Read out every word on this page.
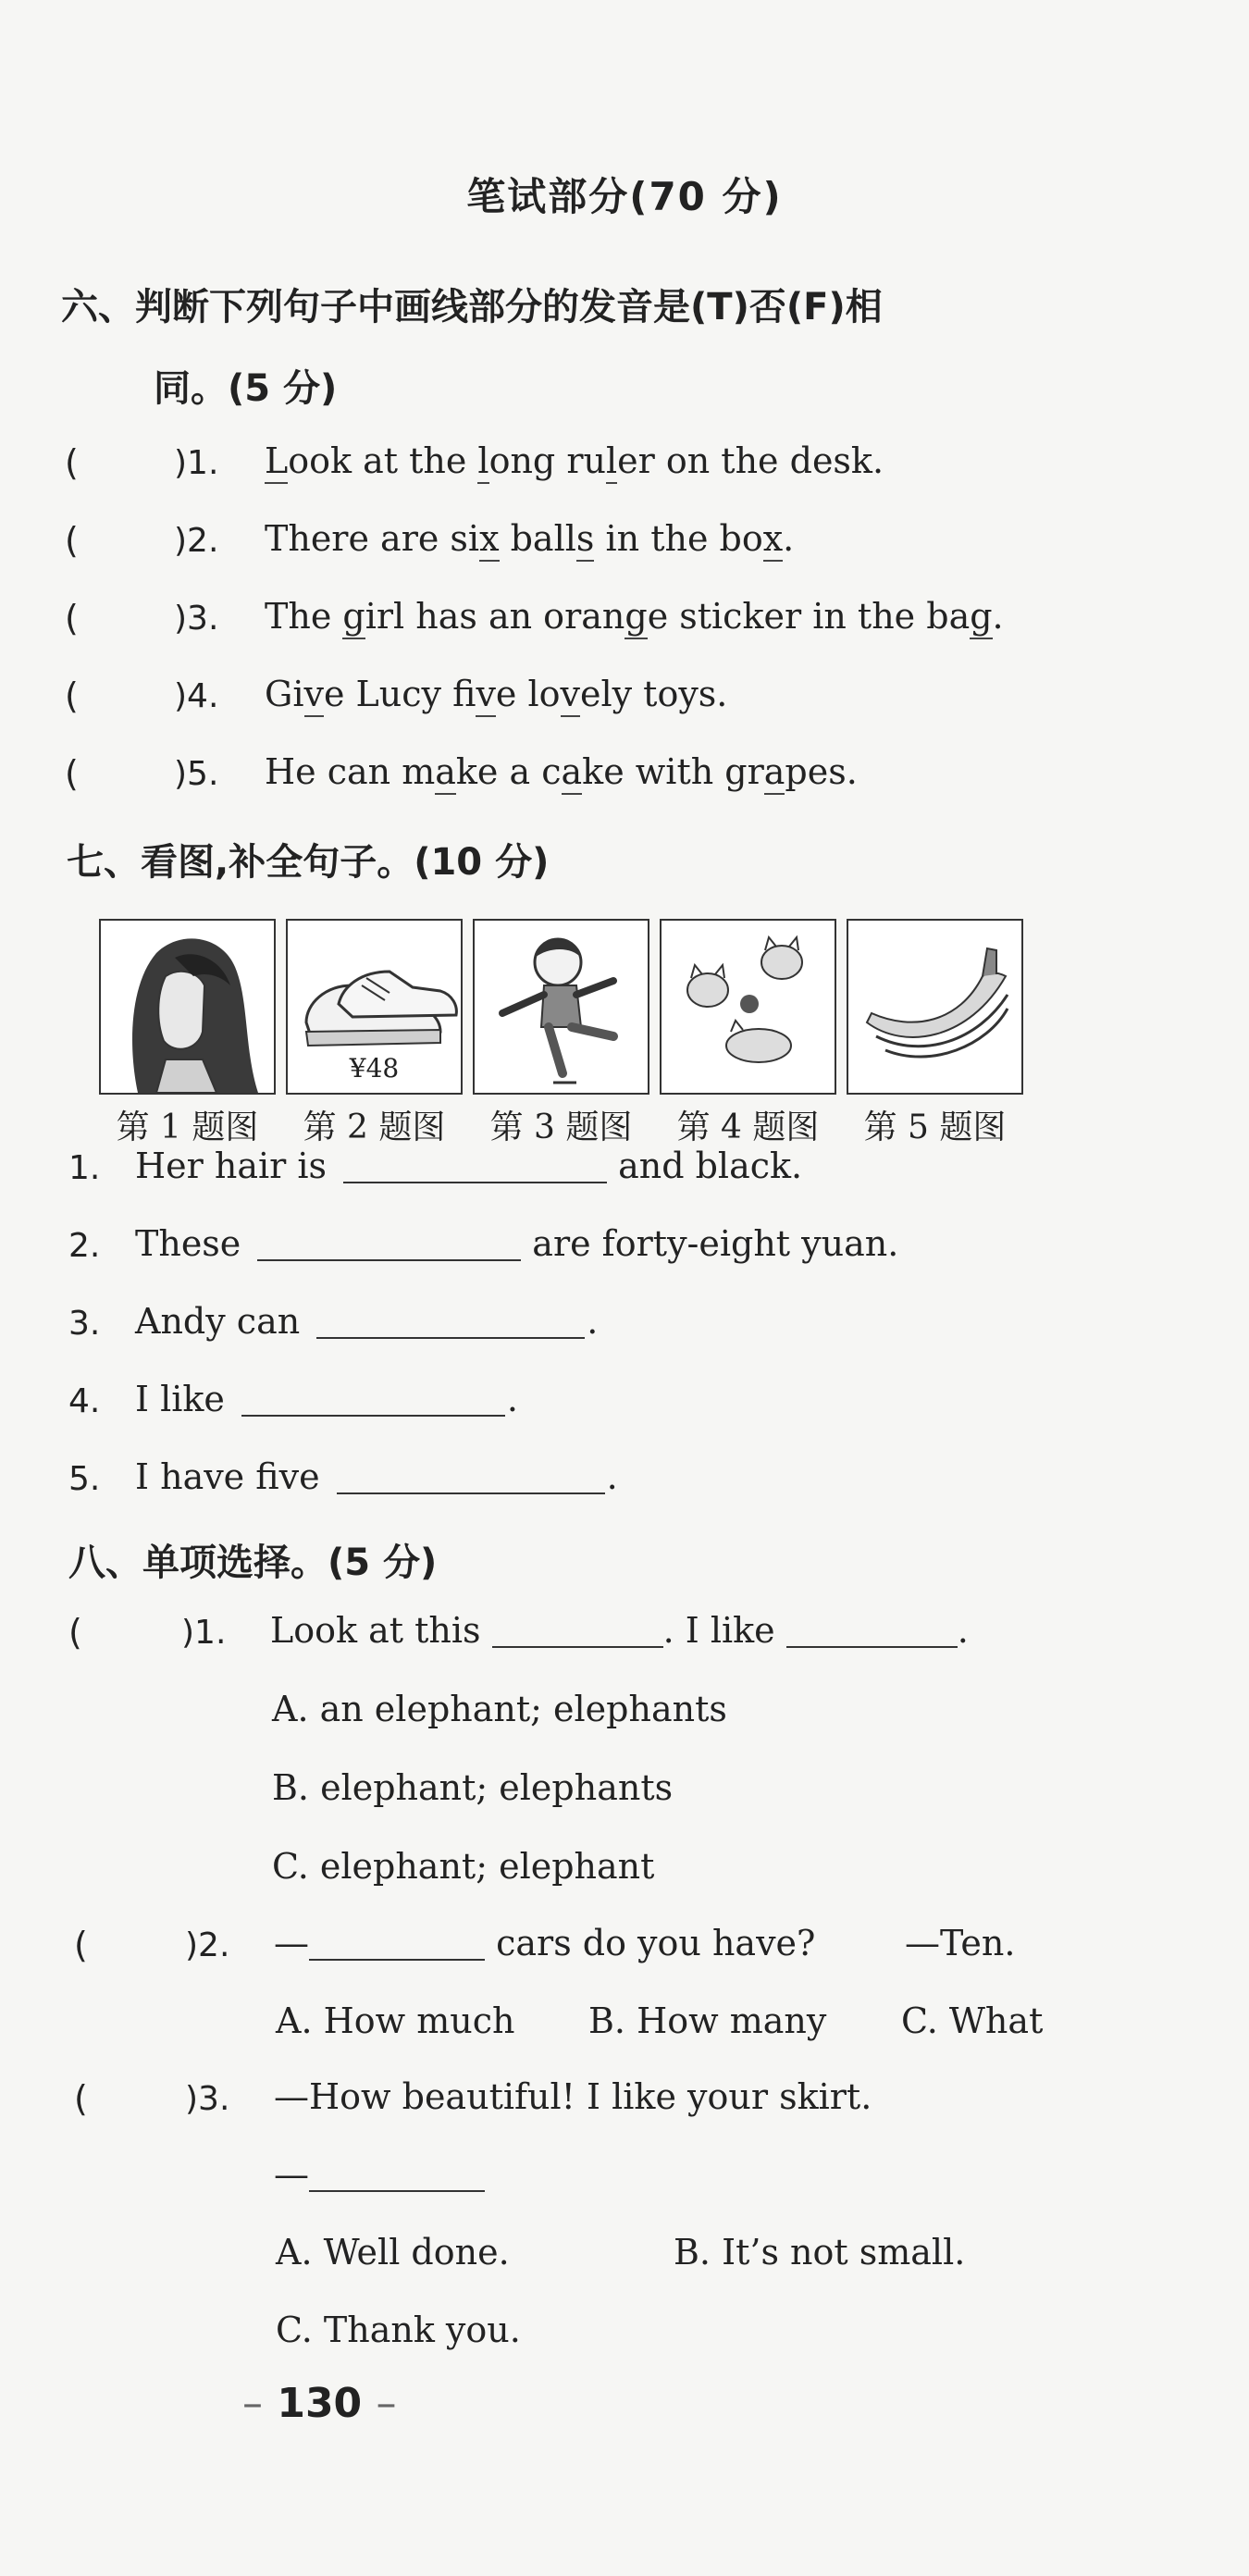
笔试部分(70 分)
六、判断下列句子中画线部分的发音是(T)否(F)相
同。(5 分)
(	)1. Look at the long ruler on the desk.
(	)2. There are six balls in the box.
(	)3. The girl has an orange sticker in the bag.
(	)4. Give Lucy five lovely toys.
(	)5. He can make a cake with grapes.
七、看图,补全句子。(10 分)
¥48
第 1 题图	第 2 题图	第 3 题图	第 4 题图	第 5 题图
1. Her hair is	and black.
2. These	are forty-eight yuan.
3. Andy can	.
4. I like	.
5. I have five	.
八、单项选择。(5 分)
(	)1. Look at this	. I like	.
A. an elephant; elephants
B. elephant; elephants
C. elephant; elephant
(	)2. —	cars do you have?	—Ten.
A. How much B. How many C. What
(	)3. —How beautiful! I like your skirt.
—
A. Well done.	B. It’s not small.
C. Thank you.
– 130 –
